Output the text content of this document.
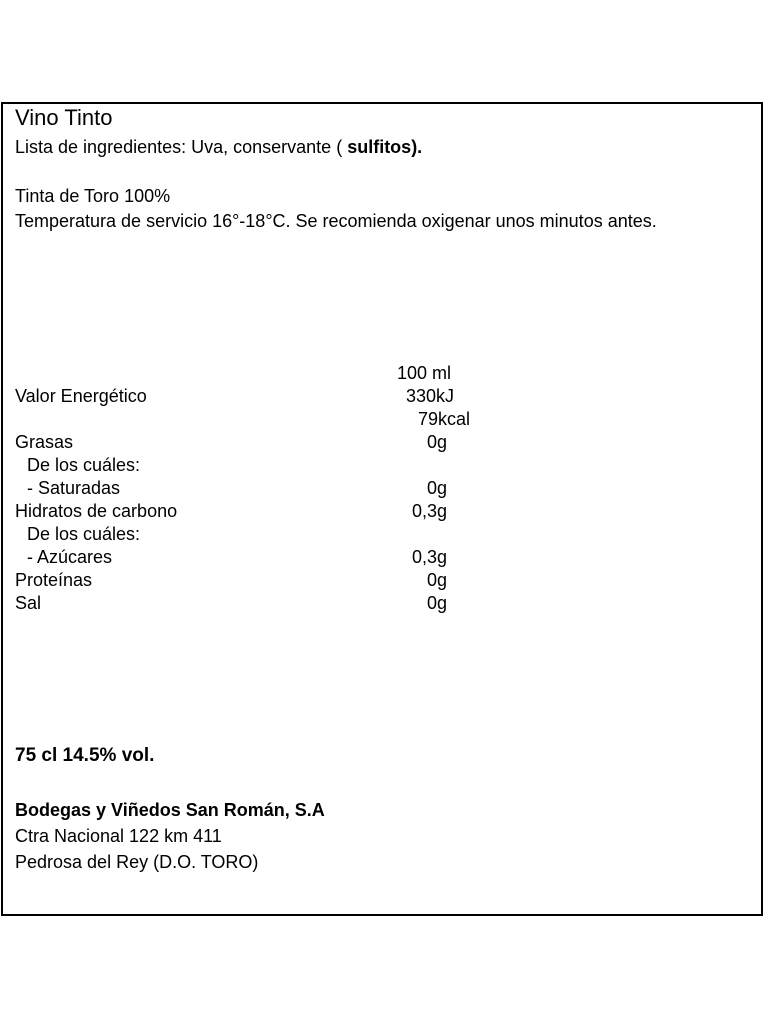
Vino Tinto
Lista de ingredientes: Uva, conservante ( sulfitos).
Tinta de Toro 100%
Temperatura de servicio 16°-18°C. Se recomienda oxigenar unos minutos antes.
100 ml
Valor Energético	330kJ
79kcal
Grasas	0g
De los cuáles:
- Saturadas	0g
Hidratos de carbono	0,3g
De los cuáles:
- Azúcares	0,3g
Proteínas	0g
Sal	0g
75 cl 14.5% vol.
Bodegas y Viñedos San Román, S.A
Ctra Nacional 122 km 411
Pedrosa del Rey (D.O. TORO)
